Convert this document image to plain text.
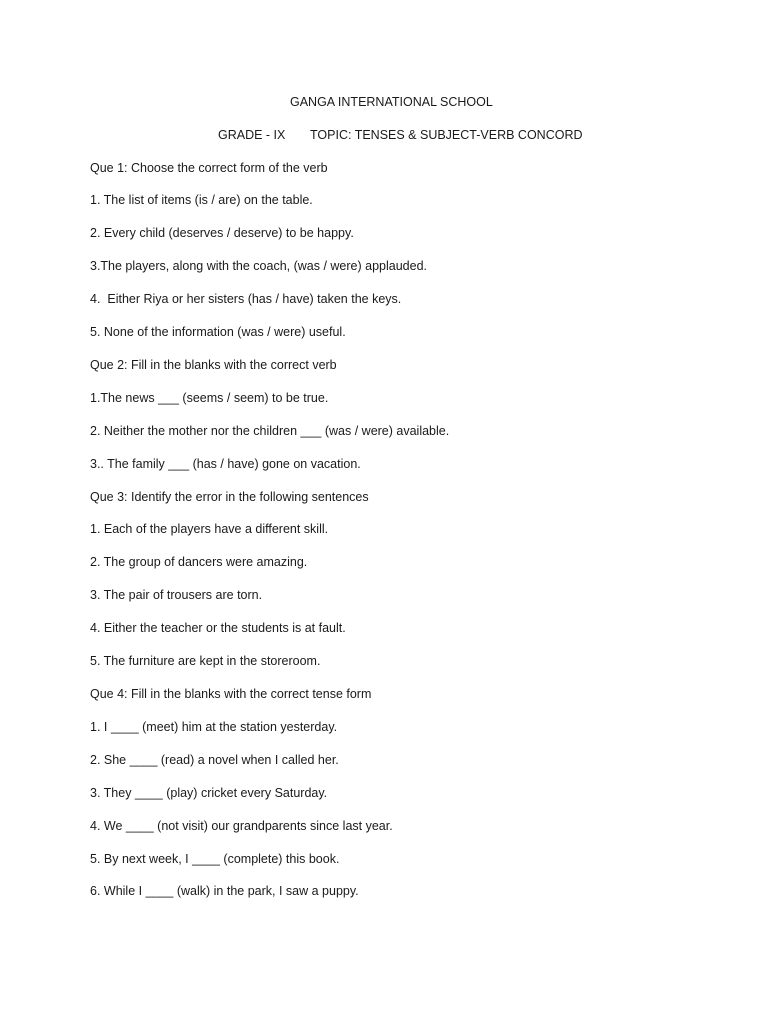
GANGA INTERNATIONAL SCHOOL
GRADE - IX TOPIC: TENSES & SUBJECT-VERB CONCORD
Que 1: Choose the correct form of the verb
1. The list of items (is / are) on the table.
2. Every child (deserves / deserve) to be happy.
3.The players, along with the coach, (was / were) applauded.
4.  Either Riya or her sisters (has / have) taken the keys.
5. None of the information (was / were) useful.
Que 2: Fill in the blanks with the correct verb
1.The news ___ (seems / seem) to be true.
2. Neither the mother nor the children ___ (was / were) available.
3.. The family ___ (has / have) gone on vacation.
Que 3: Identify the error in the following sentences
1. Each of the players have a different skill.
2. The group of dancers were amazing.
3. The pair of trousers are torn.
4. Either the teacher or the students is at fault.
5. The furniture are kept in the storeroom.
Que 4: Fill in the blanks with the correct tense form
1. I ____ (meet) him at the station yesterday.
2. She ____ (read) a novel when I called her.
3. They ____ (play) cricket every Saturday.
4. We ____ (not visit) our grandparents since last year.
5. By next week, I ____ (complete) this book.
6. While I ____ (walk) in the park, I saw a puppy.
